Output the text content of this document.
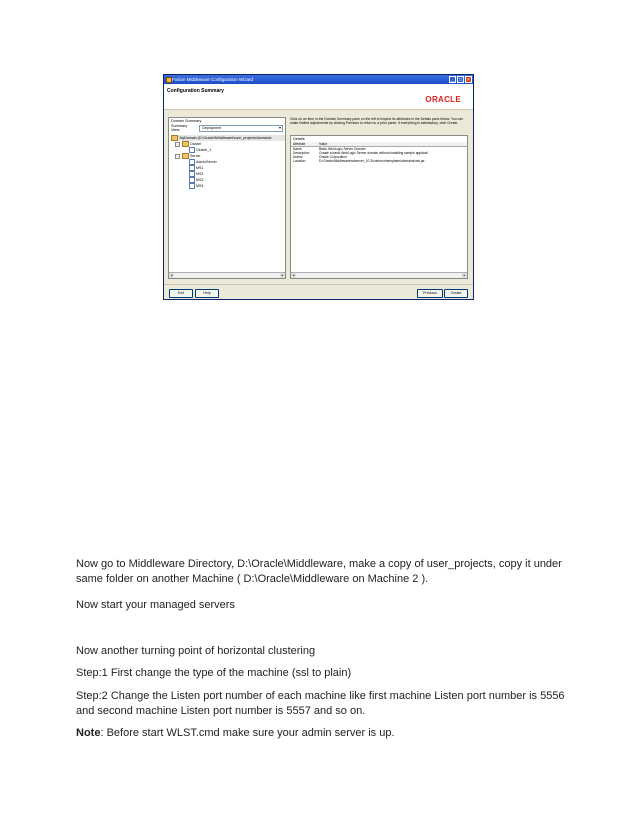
Fusion Middleware Configuration Wizard	_	□	×
Configuration Summary
ORACLE
Domain Summary
Summary View:
Deployment ▾
MyDomain (D:\Oracle\Middleware\user_projects\domains\
−	Cluster
Cluster_1
−	Server
AdminServer
MS1
MS2
MS3
MS4
◂	▸
Click on an item in the Domain Summary pane on the left to inspect its attributes in the Details pane below. You can make limited adjustments by clicking Previous to return to a prior panel. If everything is satisfactory, click Create.
Details
Attribute	Value
Name	Basic WebLogic Server Domain
Description	Create a basic WebLogic Server domain without installing sample applicati
Author	Oracle Corporation
Location	D:\Oracle\Middleware\wlserver_10.3\common\templates\domains\wls.jar
◂	▸
Exit	Help	Previous	Create

Now go to Middleware Directory, D:\Oracle\Middleware, make a copy of user_projects, copy it under same folder on another Machine ( D:\Oracle\Middleware on Machine 2 ).

Now start your managed servers

Now another turning point of horizontal clustering

Step:1 First change the type of the machine (ssl to plain)

Step:2 Change the Listen port number of each machine like first machine Listen port number is 5556 and second machine Listen port number is 5557 and so on.

Note: Before start WLST.cmd make sure your admin server is up.
